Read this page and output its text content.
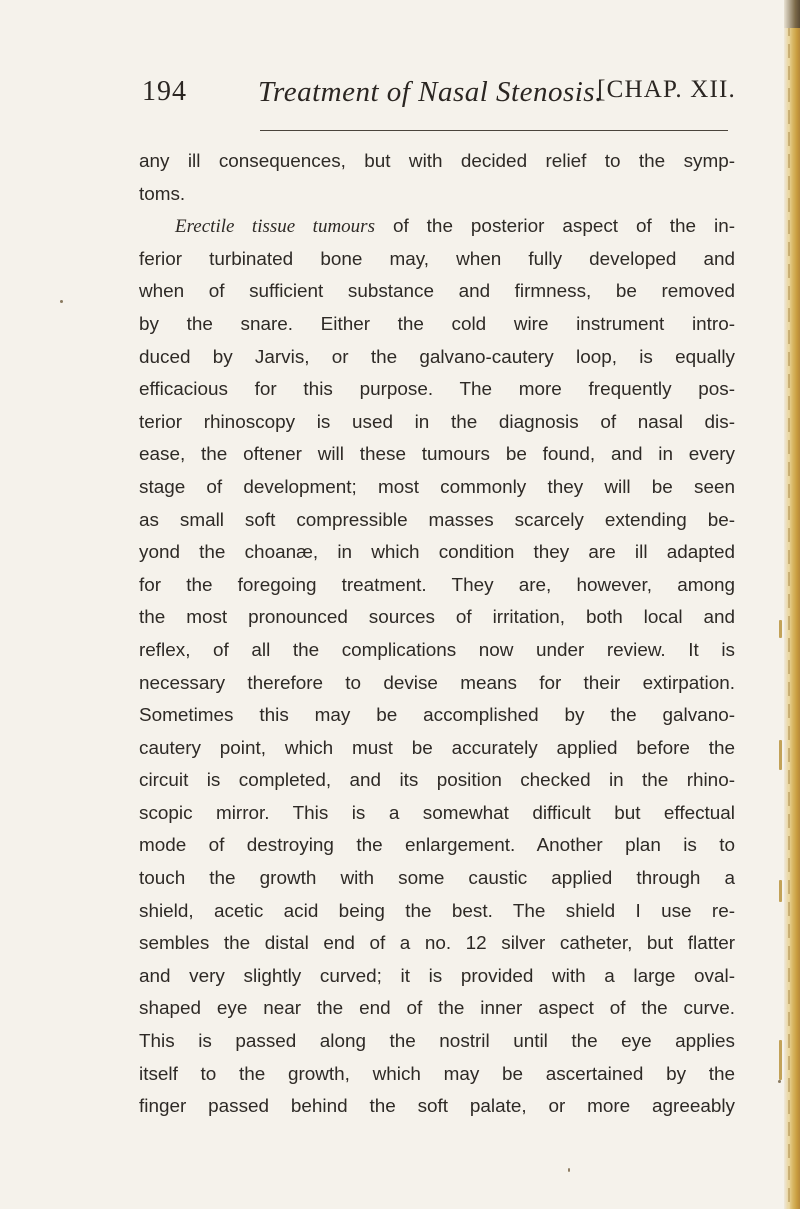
194 Treatment of Nasal Stenosis.
[CHAP. XII.
any ill consequences, but with decided relief to the symp-
toms.
Erectile tissue tumours of the posterior aspect of the in-
ferior turbinated bone may, when fully developed and
when of sufficient substance and firmness, be removed
by the snare. Either the cold wire instrument intro-
duced by Jarvis, or the galvano-cautery loop, is equally
efficacious for this purpose. The more frequently pos-
terior rhinoscopy is used in the diagnosis of nasal dis-
ease, the oftener will these tumours be found, and in every
stage of development; most commonly they will be seen
as small soft compressible masses scarcely extending be-
yond the choanæ, in which condition they are ill adapted
for the foregoing treatment. They are, however, among
the most pronounced sources of irritation, both local and
reflex, of all the complications now under review. It is
necessary therefore to devise means for their extirpation.
Sometimes this may be accomplished by the galvano-
cautery point, which must be accurately applied before the
circuit is completed, and its position checked in the rhino-
scopic mirror. This is a somewhat difficult but effectual
mode of destroying the enlargement. Another plan is to
touch the growth with some caustic applied through a
shield, acetic acid being the best. The shield I use re-
sembles the distal end of a no. 12 silver catheter, but flatter
and very slightly curved; it is provided with a large oval-
shaped eye near the end of the inner aspect of the curve.
This is passed along the nostril until the eye applies
itself to the growth, which may be ascertained by the
finger passed behind the soft palate, or more agreeably
